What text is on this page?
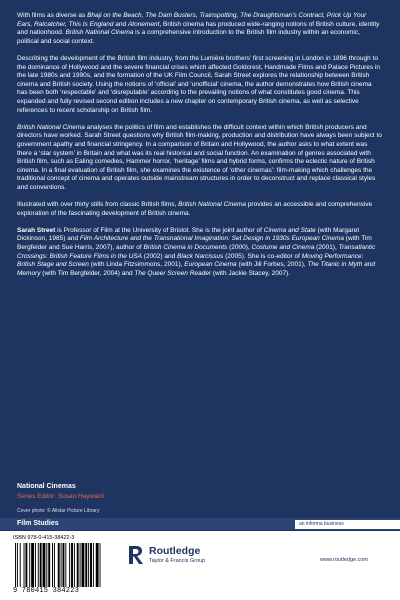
With films as diverse as Bhaji on the Beach, The Dam Busters, Trainspotting, The Draughtsman’s Contract, Prick Up Your Ears, Ratcatcher, This Is England and Atonement, British cinema has produced wide-ranging notions of British culture, identity and nationhood. British National Cinema is a comprehensive introduction to the British film industry within an economic, political and social context.

Describing the development of the British film industry, from the Lumière brothers’ first screening in London in 1896 through to the dominance of Hollywood and the severe financial crises which affected Goldcrest, Handmade Films and Palace Pictures in the late 1980s and 1990s, and the formation of the UK Film Council, Sarah Street explores the relationship between British cinema and British society. Using the notions of ‘official’ and ‘unofficial’ cinema, the author demonstrates how British cinema has been both ‘respectable’ and ‘disreputable’ according to the prevailing notions of what constitutes good cinema. This expanded and fully revised second edition includes a new chapter on contemporary British cinema, as well as selective references to recent scholarship on British film.

British National Cinema analyses the politics of film and establishes the difficult context within which British producers and directors have worked. Sarah Street questions why British film-making, production and distribution have always been subject to government apathy and financial stringency. In a comparison of Britain and Hollywood, the author asks to what extent was there a ‘star system’ in Britain and what was its real historical and social function. An examination of genres associated with British film, such as Ealing comedies, Hammer horror, ‘heritage’ films and hybrid forms, confirms the eclectic nature of British cinema. In a final evaluation of British film, she examines the existence of ‘other cinemas’: film-making which challenges the traditional concept of cinema and operates outside mainstream structures in order to deconstruct and replace classical styles and conventions.

Illustrated with over thirty stills from classic British films, British National Cinema provides an accessible and comprehensive exploration of the fascinating development of British cinema.

Sarah Street is Professor of Film at the University of Bristol. She is the joint author of Cinema and State (with Margaret Dickinson, 1985) and Film Architecture and the Transnational Imagination: Set Design in 1930s European Cinema (with Tim Bergfelder and Sue Harris, 2007), author of British Cinema in Documents (2000), Costume and Cinema (2001), Transatlantic Crossings: British Feature Films in the USA (2002) and Black Narcissus (2005). She is co-editor of Moving Performance: British Stage and Screen (with Linda Fitzsimmons, 2001), European Cinema (with Jill Forbes, 2001), The Titanic in Myth and Memory (with Tim Bergfelder, 2004) and The Queer Screen Reader (with Jackie Stacey, 2007).

National Cinemas
Series Editor: Susan Hayward
Cover photo: © Allstar Picture Library
Film Studies	an informa business
ISBN 978-0-415-38422-3
9 780415 384223
Routledge
Taylor & Francis Group	www.routledge.com
